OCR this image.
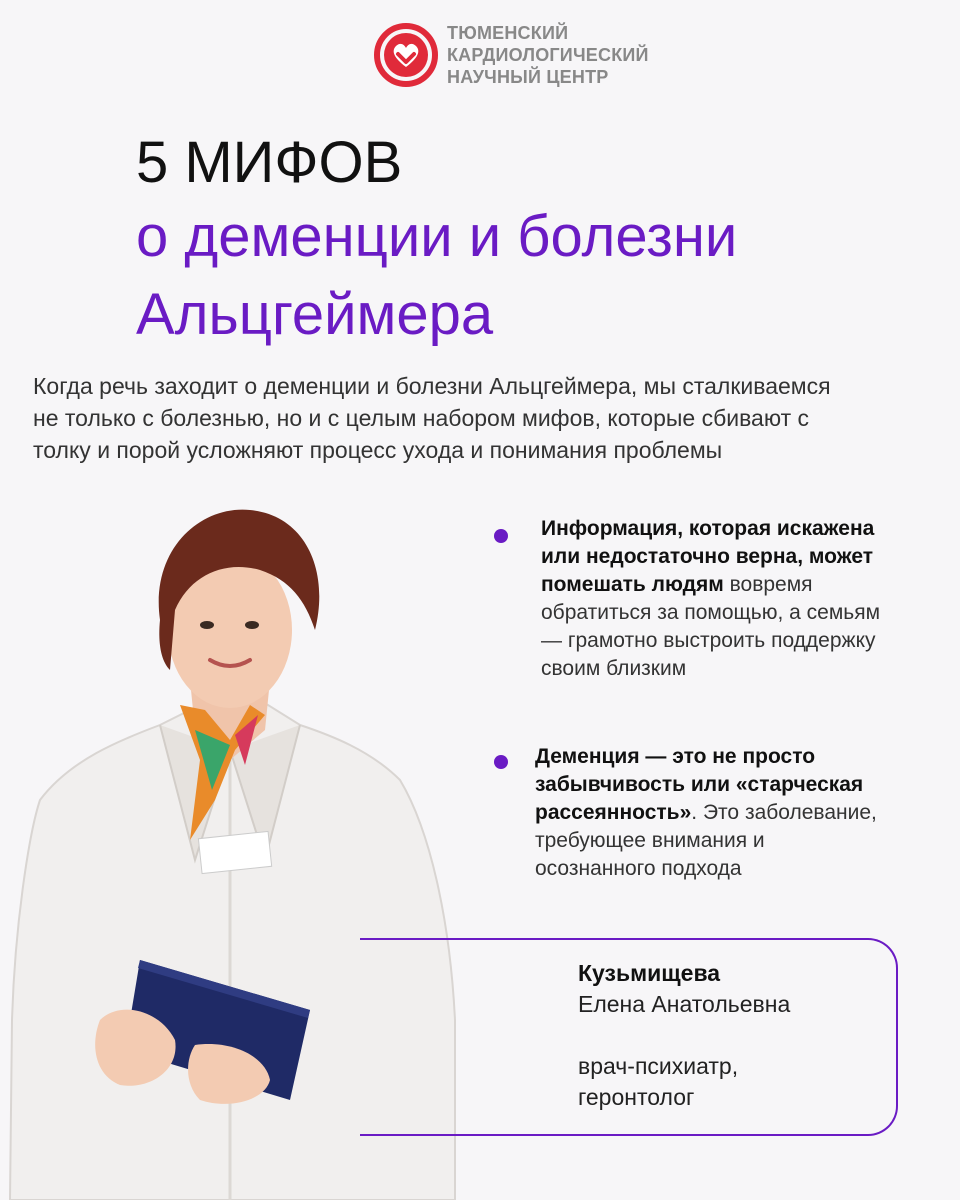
ТЮМЕНСКИЙ
КАРДИОЛОГИЧЕСКИЙ
НАУЧНЫЙ ЦЕНТР
5 МИФОВ
о деменции и болезни
Альцгеймера
Когда речь заходит о деменции и болезни Альцгеймера, мы сталкиваемся
не только с болезнью, но и с целым набором мифов, которые сбивают с
толку и порой усложняют процесс ухода и понимания проблемы
Информация, которая искажена
или недостаточно верна, может
помешать людям вовремя
обратиться за помощью, а семьям
— грамотно выстроить поддержку
своим близким
Деменция — это не просто
забывчивость или «старческая
рассеянность». Это заболевание,
требующее внимания и
осознанного подхода
Кузьмищева
Елена Анатольевна
врач-психиатр,
геронтолог
